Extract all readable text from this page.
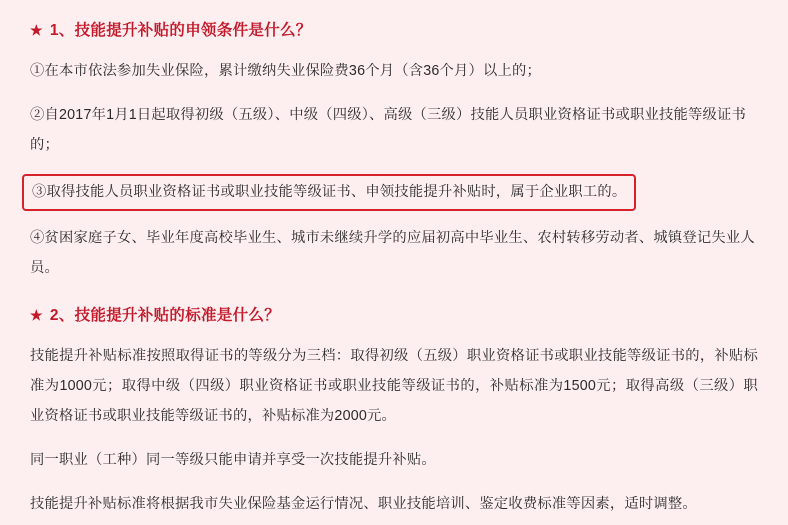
★ 1、 技能提升补贴的申领条件是什么？

①在本市依法参加失业保险，累计缴纳失业保险费36个月（含36个月）以上的；

②自2017年1月1日起取得初级（五级）、中级（四级）、高级（三级）技能人员职业资格证书或职业技能等级证书的；

③取得技能人员职业资格证书或职业技能等级证书、申领技能提升补贴时，属于企业职工的。

④贫困家庭子女、毕业年度高校毕业生、城市未继续升学的应届初高中毕业生、农村转移劳动者、城镇登记失业人员。

★ 2、 技能提升补贴的标准是什么？

技能提升补贴标准按照取得证书的等级分为三档：取得初级（五级）职业资格证书或职业技能等级证书的，补贴标准为1000元；取得中级（四级）职业资格证书或职业技能等级证书的，补贴标准为1500元；取得高级（三级）职业资格证书或职业技能等级证书的，补贴标准为2000元。

同一职业（工种）同一等级只能申请并享受一次技能提升补贴。

技能提升补贴标准将根据我市失业保险基金运行情况、职业技能培训、鉴定收费标准等因素，适时调整。
